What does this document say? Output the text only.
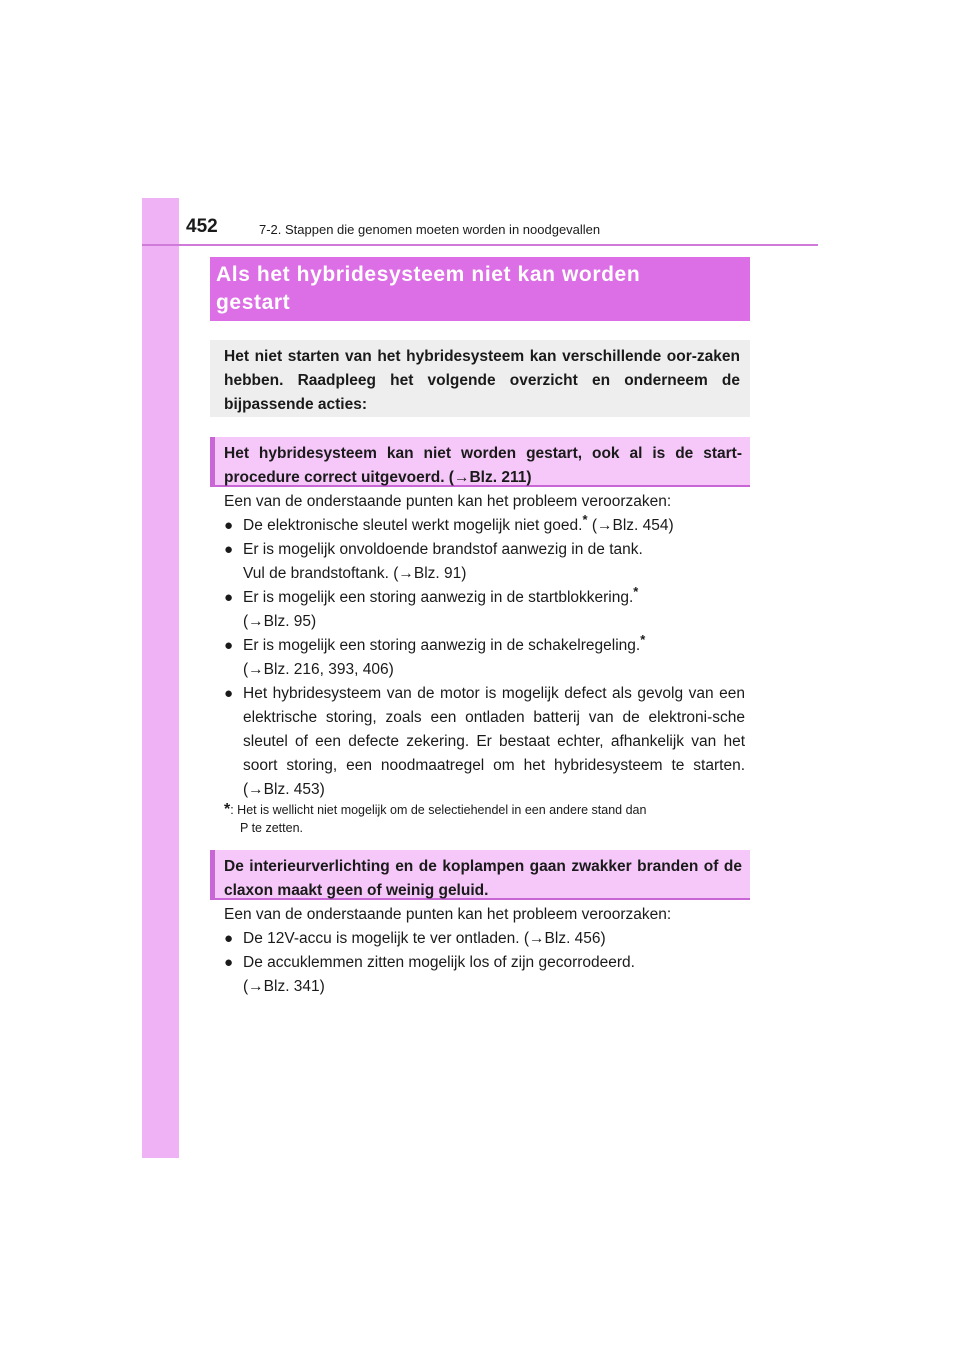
452	7-2. Stappen die genomen moeten worden in noodgevallen

Als het hybridesysteem niet kan worden
gestart

Het niet starten van het hybridesysteem kan verschillende oor-zaken hebben. Raadpleeg het volgende overzicht en onderneem de bijpassende acties:

Het hybridesysteem kan niet worden gestart, ook al is de start-procedure correct uitgevoerd. (→Blz. 211)

Een van de onderstaande punten kan het probleem veroorzaken:

● De elektronische sleutel werkt mogelijk niet goed.* (→Blz. 454)
● Er is mogelijk onvoldoende brandstof aanwezig in de tank.
Vul de brandstoftank. (→Blz. 91)
● Er is mogelijk een storing aanwezig in de startblokkering.*
(→Blz. 95)
● Er is mogelijk een storing aanwezig in de schakelregeling.*
(→Blz. 216, 393, 406)
● Het hybridesysteem van de motor is mogelijk defect als gevolg van een elektrische storing, zoals een ontladen batterij van de elektroni-sche sleutel of een defecte zekering. Er bestaat echter, afhankelijk van het soort storing, een noodmaatregel om het hybridesysteem te starten. (→Blz. 453)
*: Het is wellicht niet mogelijk om de selectiehendel in een andere stand dan
P te zetten.

De interieurverlichting en de koplampen gaan zwakker branden of de claxon maakt geen of weinig geluid.

Een van de onderstaande punten kan het probleem veroorzaken:

● De 12V-accu is mogelijk te ver ontladen. (→Blz. 456)
● De accuklemmen zitten mogelijk los of zijn gecorrodeerd.
(→Blz. 341)
